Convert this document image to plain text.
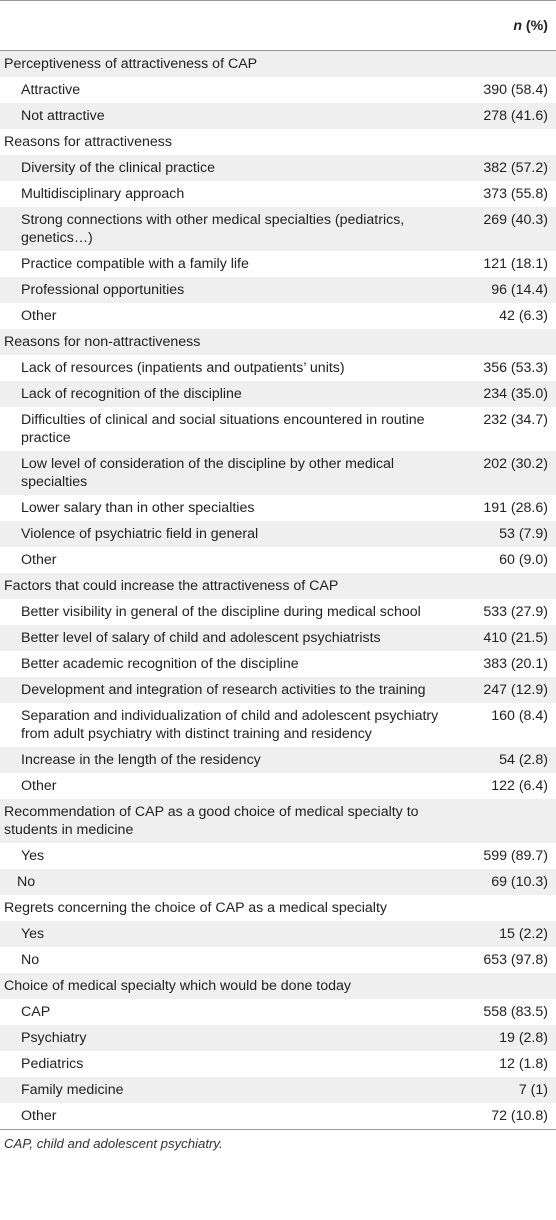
	n (%)
Perceptiveness of attractiveness of CAP	
Attractive	390 (58.4)
Not attractive	278 (41.6)
Reasons for attractiveness	
Diversity of the clinical practice	382 (57.2)
Multidisciplinary approach	373 (55.8)
Strong connections with other medical specialties (pediatrics, genetics…)	269 (40.3)
Practice compatible with a family life	121 (18.1)
Professional opportunities	96 (14.4)
Other	42 (6.3)
Reasons for non-attractiveness	
Lack of resources (inpatients and outpatients’ units)	356 (53.3)
Lack of recognition of the discipline	234 (35.0)
Difficulties of clinical and social situations encountered in routine practice	232 (34.7)
Low level of consideration of the discipline by other medical specialties	202 (30.2)
Lower salary than in other specialties	191 (28.6)
Violence of psychiatric field in general	53 (7.9)
Other	60 (9.0)
Factors that could increase the attractiveness of CAP	
Better visibility in general of the discipline during medical school	533 (27.9)
Better level of salary of child and adolescent psychiatrists	410 (21.5)
Better academic recognition of the discipline	383 (20.1)
Development and integration of research activities to the training	247 (12.9)
Separation and individualization of child and adolescent psychiatry from adult psychiatry with distinct training and residency	160 (8.4)
Increase in the length of the residency	54 (2.8)
Other	122 (6.4)
Recommendation of CAP as a good choice of medical specialty to students in medicine	
Yes	599 (89.7)
No	69 (10.3)
Regrets concerning the choice of CAP as a medical specialty	
Yes	15 (2.2)
No	653 (97.8)
Choice of medical specialty which would be done today	
CAP	558 (83.5)
Psychiatry	19 (2.8)
Pediatrics	12 (1.8)
Family medicine	7 (1)
Other	72 (10.8)
CAP, child and adolescent psychiatry.
